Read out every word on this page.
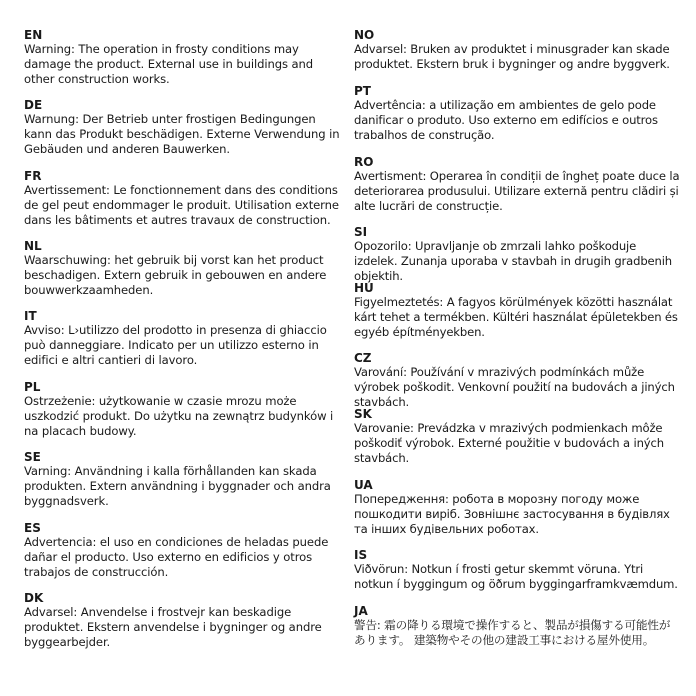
EN
Warning: The operation in frosty conditions may damage the product. External use in buildings and other construction works.
DE
Warnung: Der Betrieb unter frostigen Bedingungen kann das Produkt beschädigen. Externe Verwendung in Gebäuden und anderen Bauwerken.
FR
Avertissement: Le fonctionnement dans des conditions de gel peut endommager le produit. Utilisation externe dans les bâtiments et autres travaux de construction.
NL
Waarschuwing: het gebruik bij vorst kan het product beschadigen. Extern gebruik in gebouwen en andere bouwwerkzaamheden.
IT
Avviso: L›utilizzo del prodotto in presenza di ghiaccio può danneggiare. Indicato per un utilizzo esterno in edifici e altri cantieri di lavoro.
PL
Ostrzeżenie: użytkowanie w czasie mrozu może uszkodzić produkt. Do użytku na zewnątrz budynków i na placach budowy.
SE
Varning: Användning i kalla förhållanden kan skada produkten. Extern användning i byggnader och andra byggnadsverk.
ES
Advertencia: el uso en condiciones de heladas puede dañar el producto. Uso externo en edificios y otros trabajos de construcción.
DK
Advarsel: Anvendelse i frostvejr kan beskadige produktet. Ekstern anvendelse i bygninger og andre byggearbejder.
NO
Advarsel: Bruken av produktet i minusgrader kan skade produktet. Ekstern bruk i bygninger og andre byggverk.
PT
Advertência: a utilização em ambientes de gelo pode danificar o produto. Uso externo em edifícios e outros trabalhos de construção.
RO
Avertisment: Operarea în condiții de îngheț poate duce la deteriorarea produsului. Utilizare externă pentru clădiri și alte lucrări de construcție.
SI
Opozorilo: Upravljanje ob zmrzali lahko poškoduje izdelek. Zunanja uporaba v stavbah in drugih gradbenih objektih.
HU
Figyelmeztetés: A fagyos körülmények közötti használat kárt tehet a termékben. Kültéri használat épületekben és egyéb építményekben.
CZ
Varování: Používání v mrazivých podmínkách může výrobek poškodit. Venkovní použití na budovách a jiných stavbách.
SK
Varovanie: Prevádzka v mrazivých podmienkach môže poškodiť výrobok. Externé použitie v budovách a iných stavbách.
UA
Попередження: робота в морозну погоду може пошкодити виріб. Зовнішнє застосування в будівлях та інших будівельних роботах.
IS
Viðvörun: Notkun í frosti getur skemmt vöruna. Ytri notkun í byggingum og öðrum byggingarframkvæmdum.
JA
警告: 霜の降りる環境で操作すると、製品が損傷する可能性があります。 建築物やその他の建設工事における屋外使用。
